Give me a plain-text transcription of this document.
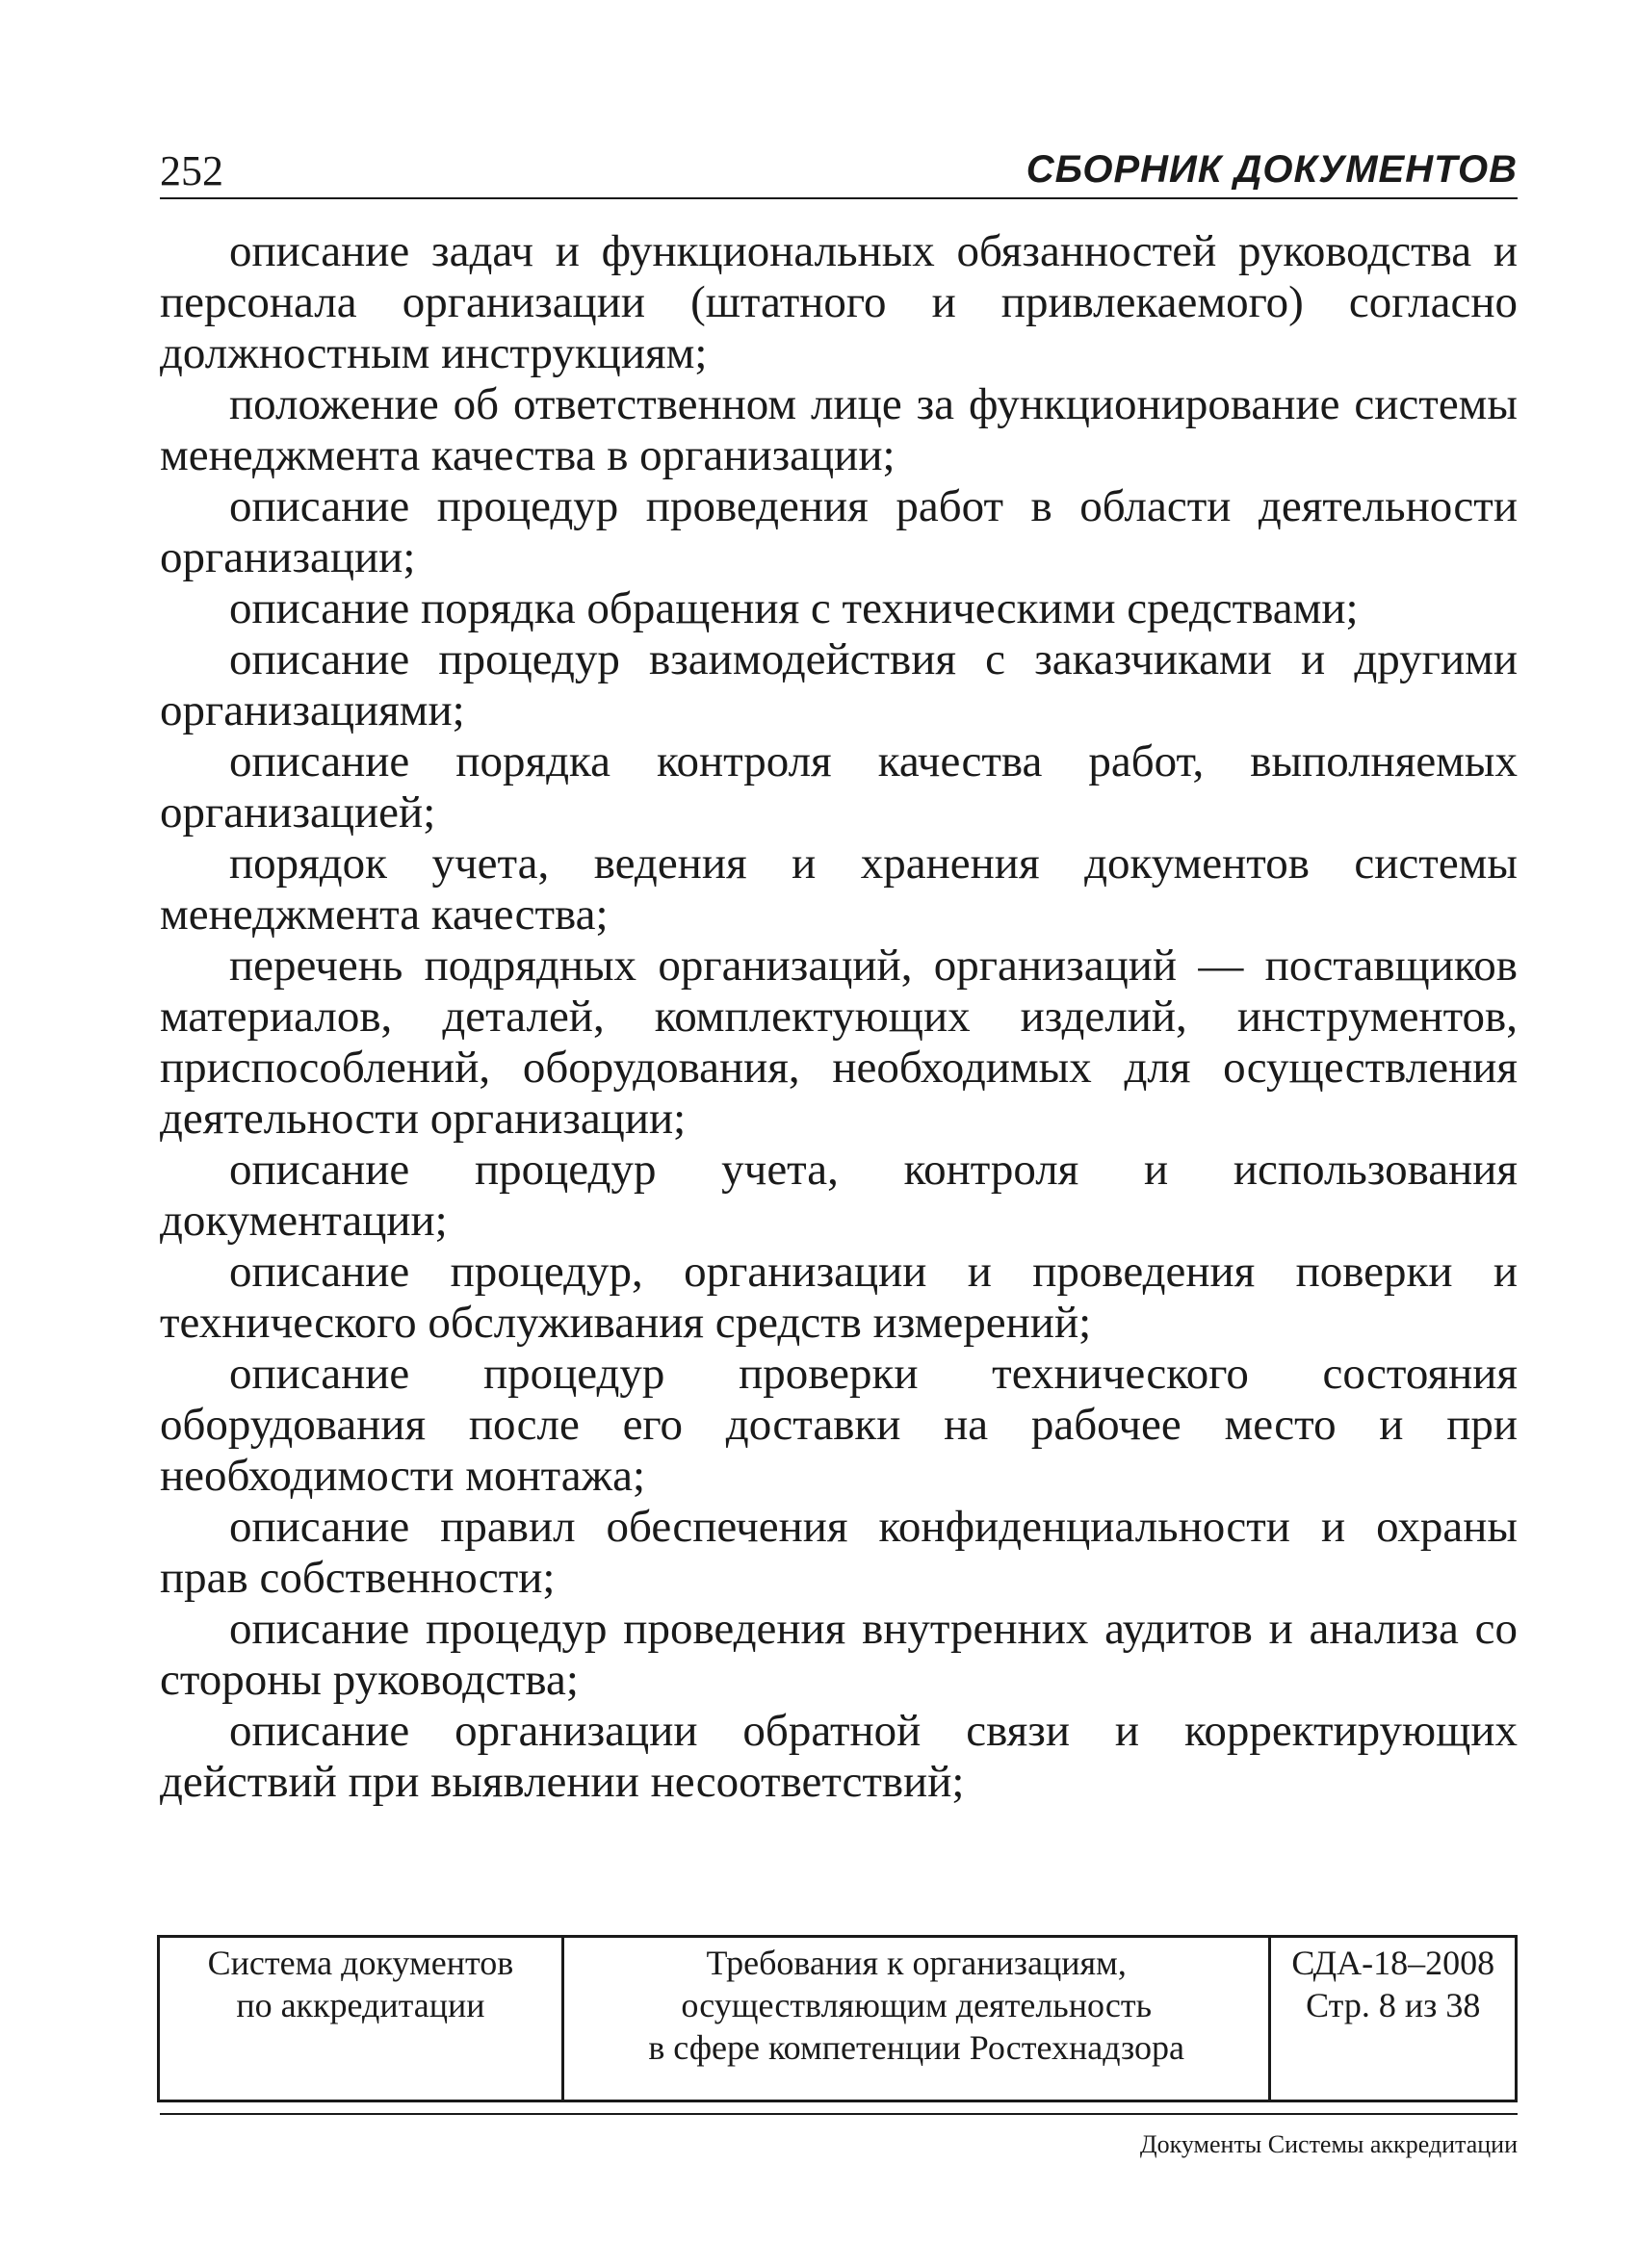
252	СБОРНИК ДОКУМЕНТОВ

описание задач и функциональных обязанностей руководства и персонала организации (штатного и привлекаемого) согласно должностным инструкциям;

положение об ответственном лице за функционирование системы менеджмента качества в организации;

описание процедур проведения работ в области деятельности организации;

описание порядка обращения с техническими средствами;

описание процедур взаимодействия с заказчиками и другими организациями;

описание порядка контроля качества работ, выполняемых организацией;

порядок учета, ведения и хранения документов системы менеджмента качества;

перечень подрядных организаций, организаций — поставщиков материалов, деталей, комплектующих изделий, инструментов, приспособлений, оборудования, необходимых для осуществления деятельности организации;

описание процедур учета, контроля и использования документации;

описание процедур, организации и проведения поверки и технического обслуживания средств измерений;

описание процедур проверки технического состояния оборудования после его доставки на рабочее место и при необходимости монтажа;

описание правил обеспечения конфиденциальности и охраны прав собственности;

описание процедур проведения внутренних аудитов и анализа со стороны руководства;

описание организации обратной связи и корректирующих действий при выявлении несоответствий;

Система документов
по аккредитации

Требования к организациям,
осуществляющим деятельность
в сфере компетенции Ростехнадзора

СДА-18–2008
Стр. 8 из 38
Документы Системы аккредитации
